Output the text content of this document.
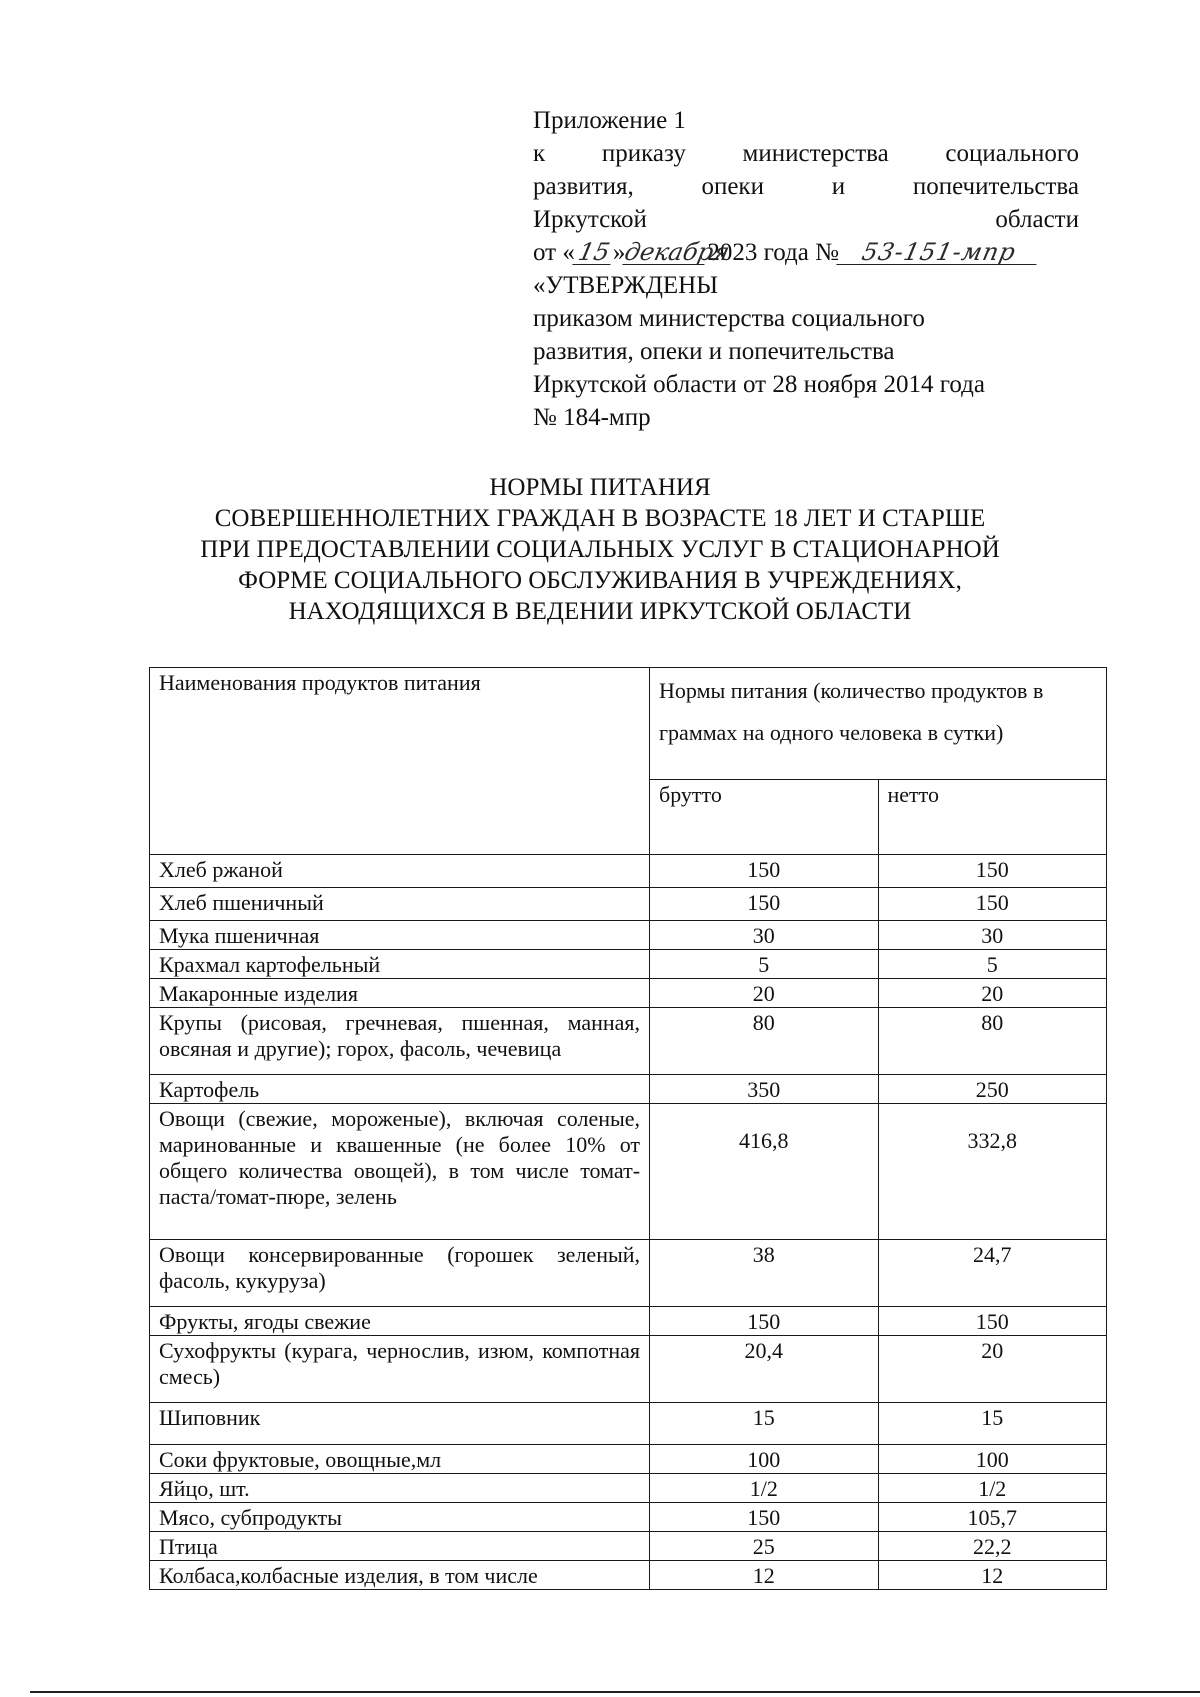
Приложение 1
к приказу министерства социального
развития,	опеки	и	попечительства
Иркутской	области
от «15»декабря2023 года № 53-151-мпр
«УТВЕРЖДЕНЫ
приказом министерства социального
развития, опеки и попечительства
Иркутской области от 28 ноября 2014 года
№ 184-мпр
НОРМЫ ПИТАНИЯ
СОВЕРШЕННОЛЕТНИХ ГРАЖДАН В ВОЗРАСТЕ 18 ЛЕТ И СТАРШЕ
ПРИ ПРЕДОСТАВЛЕНИИ СОЦИАЛЬНЫХ УСЛУГ В СТАЦИОНАРНОЙ
ФОРМЕ СОЦИАЛЬНОГО ОБСЛУЖИВАНИЯ В УЧРЕЖДЕНИЯХ,
НАХОДЯЩИХСЯ В ВЕДЕНИИ ИРКУТСКОЙ ОБЛАСТИ
Наименования продуктов питания	Нормы питания (количество продуктов в граммах на одного человека в сутки)	
	брутто	нетто
Хлеб ржаной	150	150
Хлеб пшеничный	150	150
Мука пшеничная	30	30
Крахмал картофельный	5	5
Макаронные изделия	20	20
Крупы (рисовая, гречневая, пшенная, манная, овсяная и другие); горох, фасоль, чечевица	80	80
Картофель	350	250
Овощи (свежие, мороженые), включая соленые, маринованные и квашенные (не более 10% от общего количества овощей), в том числе томат-паста/томат-пюре, зелень	416,8	332,8
Овощи консервированные (горошек зеленый, фасоль, кукуруза)	38	24,7
Фрукты, ягоды свежие	150	150
Сухофрукты (курага, чернослив, изюм, компотная смесь)	20,4	20
Шиповник	15	15
Соки фруктовые, овощные,мл	100	100
Яйцо, шт.	1/2	1/2
Мясо, субпродукты	150	105,7
Птица	25	22,2
Колбаса,колбасные изделия, в том числе	12	12
